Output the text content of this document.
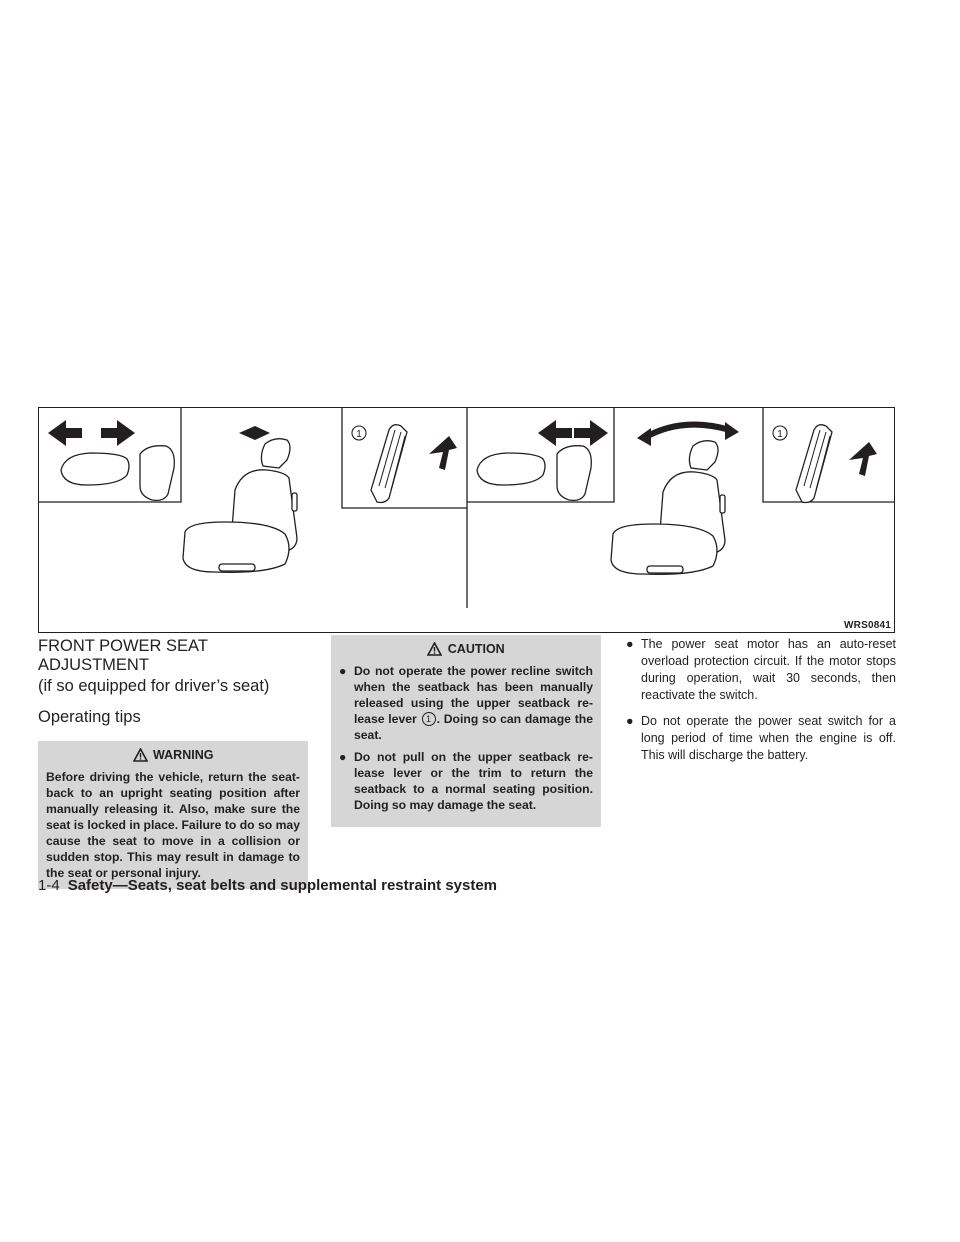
1	1
WRS0841
FRONT POWER SEAT ADJUSTMENT
(if so equipped for driver’s seat)
Operating tips
WARNING
Before driving the vehicle, return the seat-back to an upright seating position after manually releasing it. Also, make sure the seat is locked in place. Failure to do so may cause the seat to move in a collision or sudden stop. This may result in damage to the seat or personal injury.
CAUTION
● Do not operate the power recline switch when the seatback has been manually released using the upper seatback re-lease lever 1 . Doing so can damage the seat.
● Do not pull on the upper seatback re-lease lever or the trim to return the seatback to a normal seating position. Doing so may damage the seat.
● The power seat motor has an auto-reset overload protection circuit. If the motor stops during operation, wait 30 seconds, then reactivate the switch.
● Do not operate the power seat switch for a long period of time when the engine is off. This will discharge the battery.
1-4 Safety—Seats, seat belts and supplemental restraint system
